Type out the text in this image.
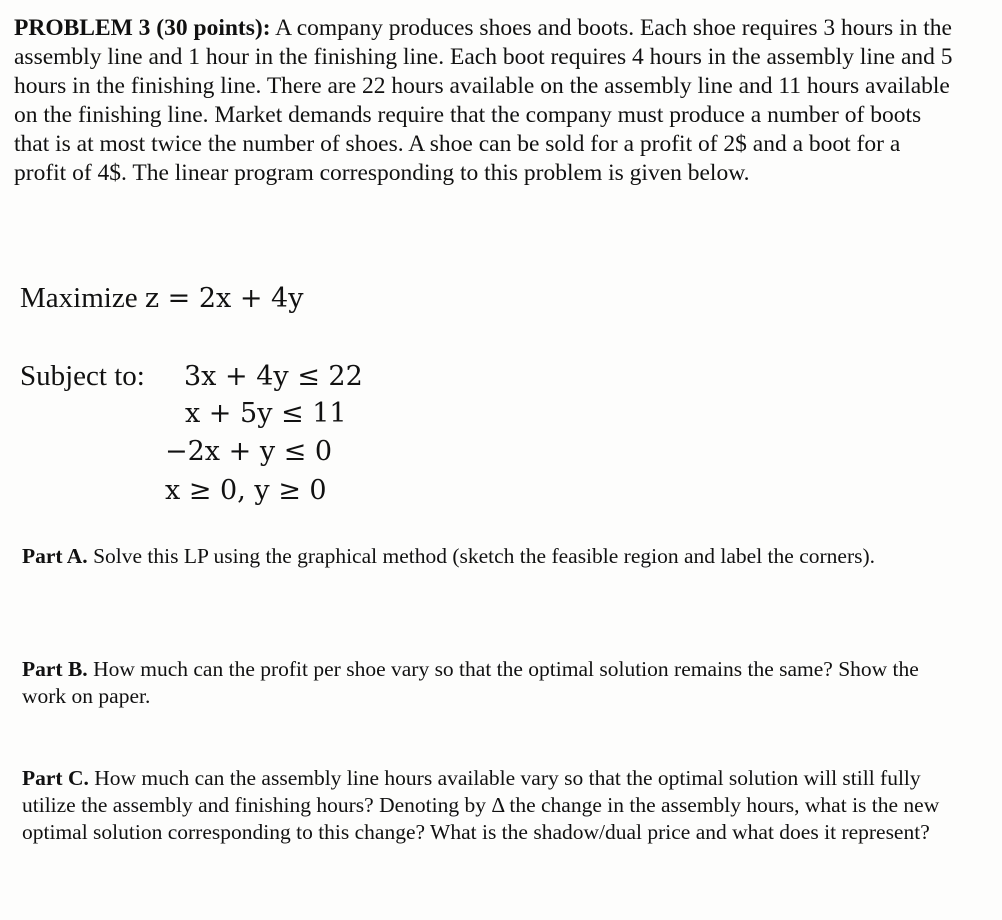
PROBLEM 3 (30 points): A company produces shoes and boots. Each shoe requires 3 hours in the assembly line and 1 hour in the finishing line. Each boot requires 4 hours in the assembly line and 5 hours in the finishing line. There are 22 hours available on the assembly line and 11 hours available on the finishing line. Market demands require that the company must produce a number of boots that is at most twice the number of shoes. A shoe can be sold for a profit of 2$ and a boot for a profit of 4$. The linear program corresponding to this problem is given below.
Maximize z = 2x + 4y
Subject to: 3x + 4y ≤ 22
x + 5y ≤ 11
−2x + y ≤ 0
x ≥ 0, y ≥ 0
Part A. Solve this LP using the graphical method (sketch the feasible region and label the corners).
Part B. How much can the profit per shoe vary so that the optimal solution remains the same? Show the work on paper.
Part C. How much can the assembly line hours available vary so that the optimal solution will still fully utilize the assembly and finishing hours? Denoting by Δ the change in the assembly hours, what is the new optimal solution corresponding to this change? What is the shadow/dual price and what does it represent?
